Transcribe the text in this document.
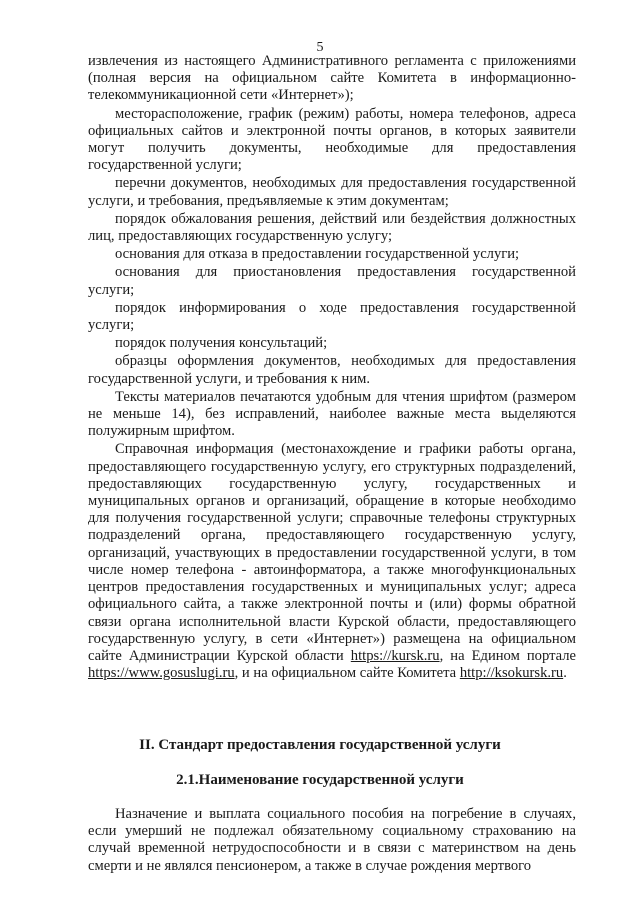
5

извлечения из настоящего Административного регламента с приложениями (полная версия на официальном сайте Комитета в информационно-телекоммуникационной сети «Интернет»);

месторасположение, график (режим) работы, номера телефонов, адреса официальных сайтов и электронной почты органов, в которых заявители могут получить документы, необходимые для предоставления государственной услуги;

перечни документов, необходимых для предоставления государственной услуги, и требования, предъявляемые к этим документам;

порядок обжалования решения, действий или бездействия должностных лиц, предоставляющих государственную услугу;

основания для отказа в предоставлении государственной услуги;

основания для приостановления предоставления государственной услуги;

порядок информирования о ходе предоставления государственной услуги;

порядок получения консультаций;

образцы оформления документов, необходимых для предоставления государственной услуги, и требования к ним.

Тексты материалов печатаются удобным для чтения шрифтом (размером не меньше 14), без исправлений, наиболее важные места выделяются полужирным шрифтом.

Справочная информация (местонахождение и графики работы органа, предоставляющего государственную услугу, его структурных подразделений, предоставляющих государственную услугу, государственных и муниципальных органов и организаций, обращение в которые необходимо для получения государственной услуги; справочные телефоны структурных подразделений органа, предоставляющего государственную услугу, организаций, участвующих в предоставлении государственной услуги, в том числе номер телефона - автоинформатора, а также многофункциональных центров предоставления государственных и муниципальных услуг; адреса официального сайта, а также электронной почты и (или) формы обратной связи органа исполнительной власти Курской области, предоставляющего государственную услугу, в сети «Интернет») размещена на официальном сайте Администрации Курской области https://kursk.ru, на Едином портале https://www.gosuslugi.ru, и на официальном сайте Комитета http://ksokursk.ru.

II. Стандарт предоставления государственной услуги
2.1.Наименование государственной услуги

Назначение и выплата социального пособия на погребение в случаях, если умерший не подлежал обязательному социальному страхованию на случай временной нетрудоспособности и в связи с материнством на день смерти и не являлся пенсионером, а также в случае рождения мертвого
